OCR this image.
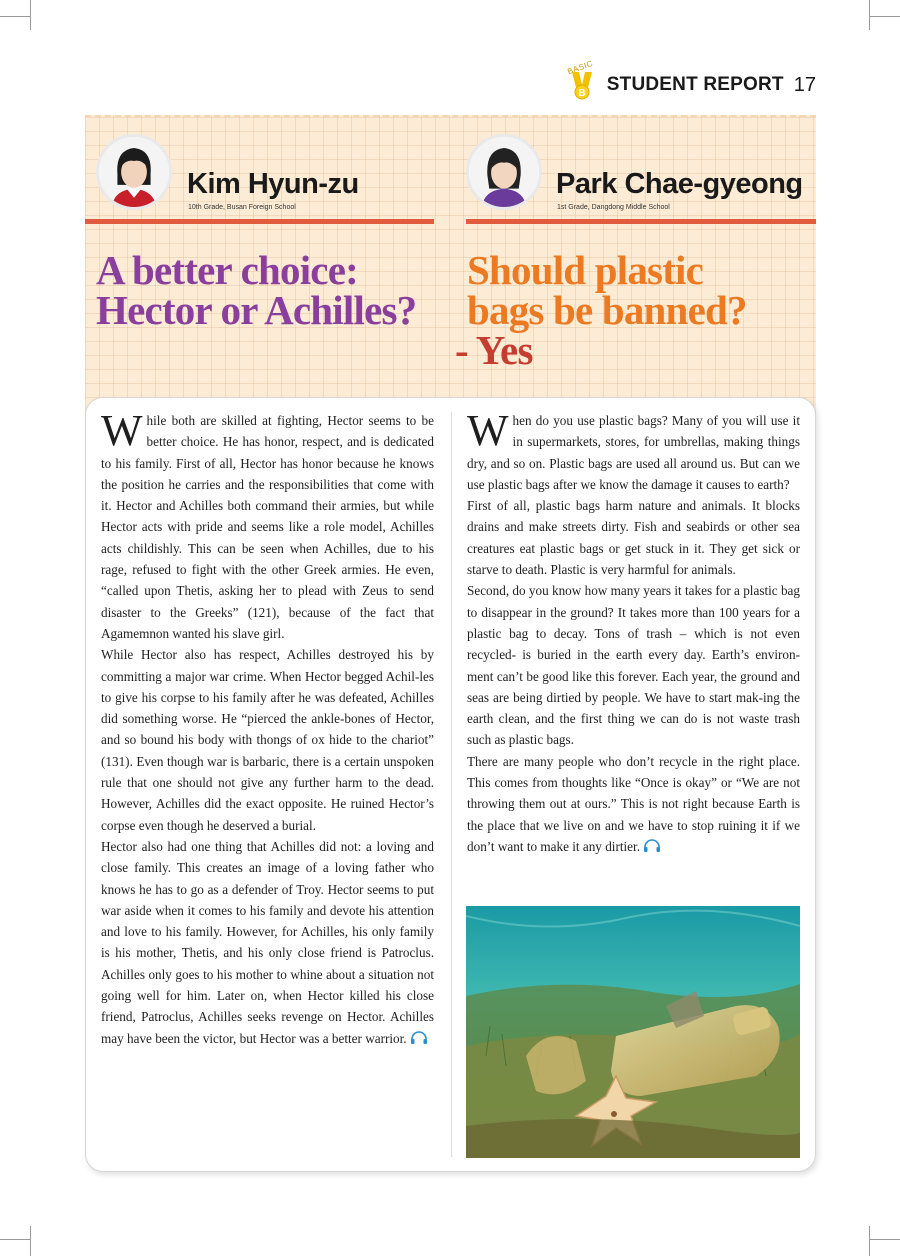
BASIC
B STUDENT REPORT 17
Kim Hyun-zu
10th Grade, Busan Foreign School
Park Chae-gyeong
1st Grade, Dangdong Middle School
A better choice:
Hector or Achilles?
Should plastic
bags be banned?
- Yes

While both are skilled at fighting, Hector seems to be better choice. He has honor, respect, and is dedicated to his family. First of all, Hector has honor because he knows the position he carries and the responsibilities that come with it. Hector and Achilles both command their armies, but while Hector acts with pride and seems like a role model, Achilles acts childishly. This can be seen when Achilles, due to his rage, refused to fight with the other Greek armies. He even, “called upon Thetis, asking her to plead with Zeus to send disaster to the Greeks” (121), because of the fact that Agamemnon wanted his slave girl.

While Hector also has respect, Achilles destroyed his by committing a major war crime. When Hector begged Achil-les to give his corpse to his family after he was defeated, Achilles did something worse. He “pierced the ankle-bones of Hector, and so bound his body with thongs of ox hide to the chariot” (131). Even though war is barbaric, there is a certain unspoken rule that one should not give any further harm to the dead. However, Achilles did the exact opposite. He ruined Hector’s corpse even though he deserved a burial.

Hector also had one thing that Achilles did not: a loving and close family. This creates an image of a loving father who knows he has to go as a defender of Troy. Hector seems to put war aside when it comes to his family and devote his attention and love to his family. However, for Achilles, his only family is his mother, Thetis, and his only close friend is Patroclus. Achilles only goes to his mother to whine about a situation not going well for him. Later on, when Hector killed his close friend, Patroclus, Achilles seeks revenge on Hector. Achilles may have been the victor, but Hector was a better warrior.

When do you use plastic bags? Many of you will use it in supermarkets, stores, for umbrellas, making things dry, and so on. Plastic bags are used all around us. But can we use plastic bags after we know the damage it causes to earth?

First of all, plastic bags harm nature and animals. It blocks drains and make streets dirty. Fish and seabirds or other sea creatures eat plastic bags or get stuck in it. They get sick or starve to death. Plastic is very harmful for animals.

Second, do you know how many years it takes for a plastic bag to disappear in the ground? It takes more than 100 years for a plastic bag to decay. Tons of trash – which is not even recycled- is buried in the earth every day. Earth’s environ-ment can’t be good like this forever. Each year, the ground and seas are being dirtied by people. We have to start mak-ing the earth clean, and the first thing we can do is not waste trash such as plastic bags.

There are many people who don’t recycle in the right place. This comes from thoughts like “Once is okay” or “We are not throwing them out at ours.” This is not right because Earth is the place that we live on and we have to stop ruining it if we don’t want to make it any dirtier.
